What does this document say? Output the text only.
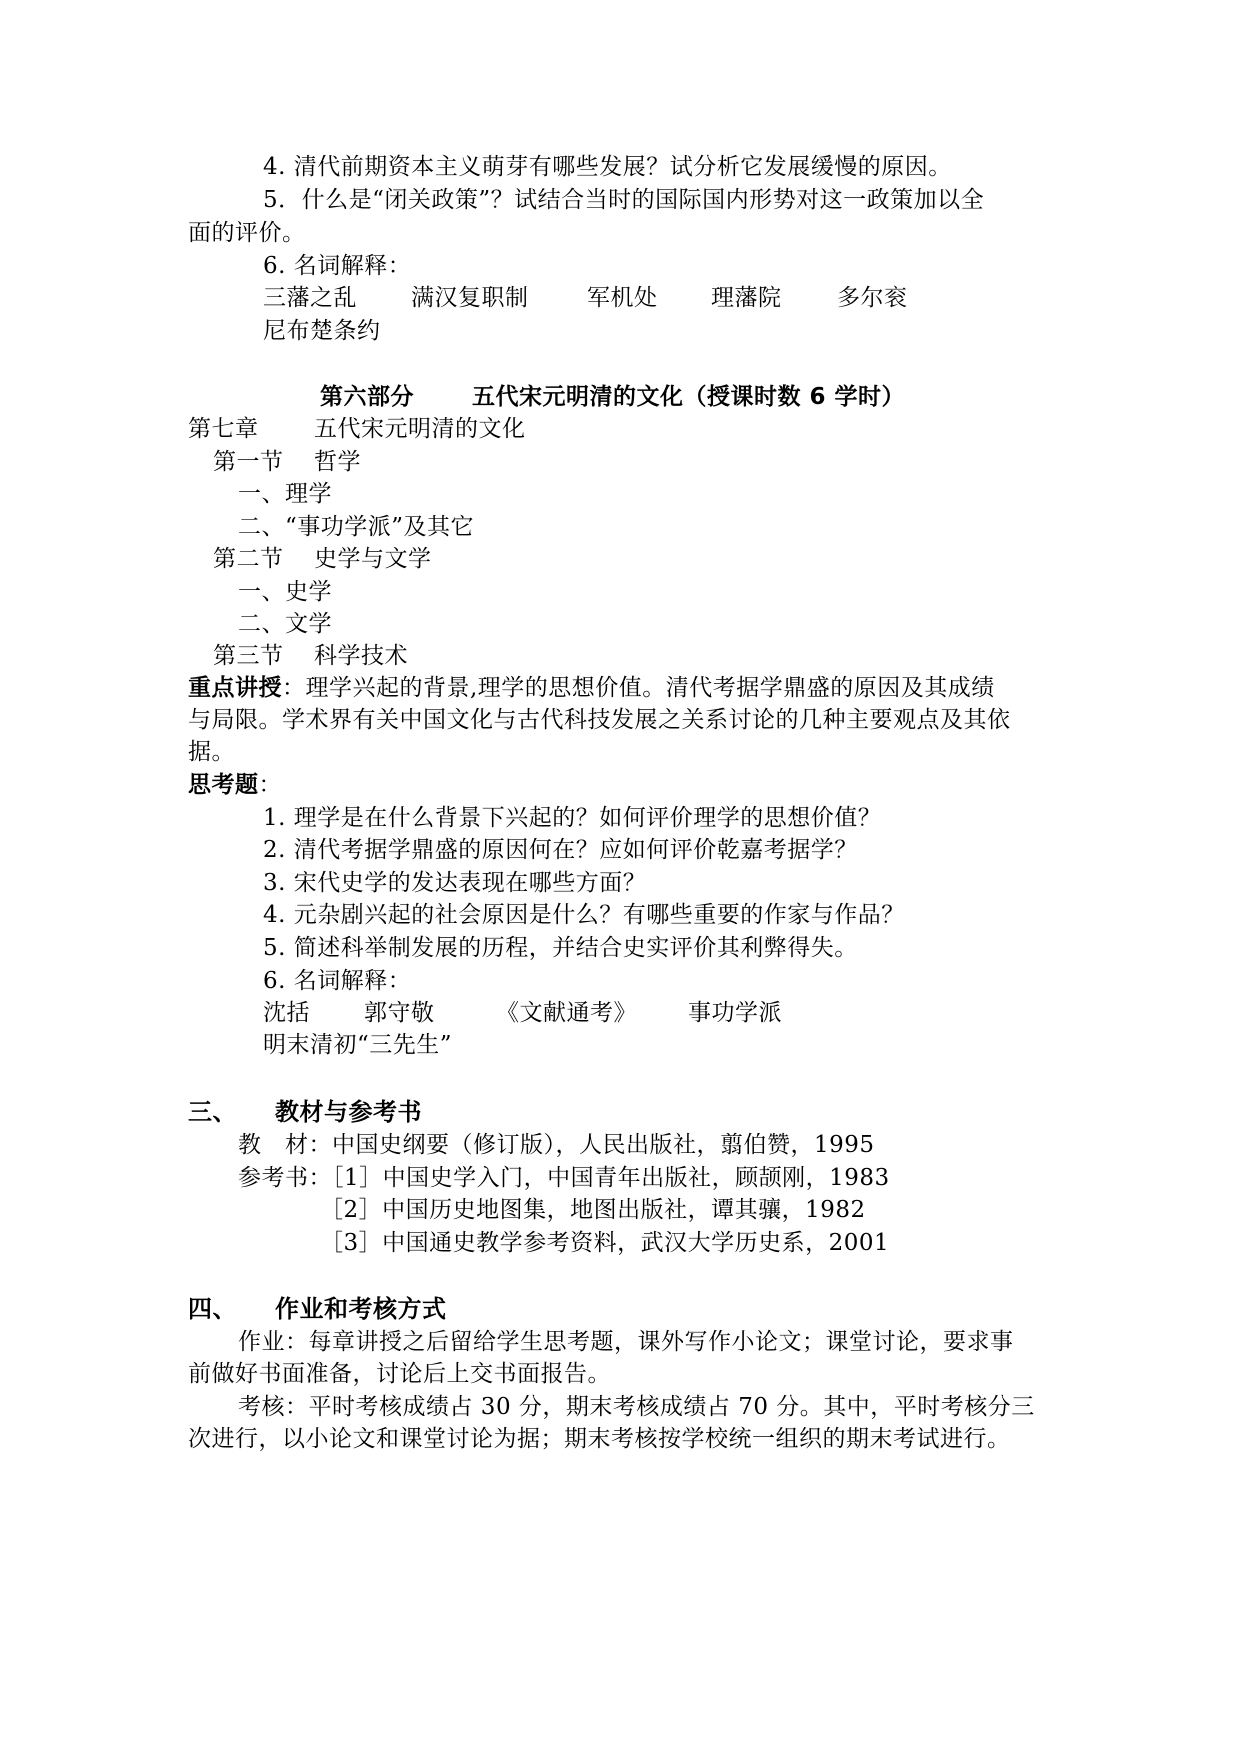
4. 清代前期资本主义萌芽有哪些发展？试分析它发展缓慢的原因。
5．什么是“闭关政策”？试结合当时的国际国内形势对这一政策加以全
面的评价。
6. 名词解释：
三藩之乱	满汉复职制	军机处	理藩院	多尔衮
尼布楚条约
第六部分	五代宋元明清的文化（授课时数 6 学时）
第七章 五代宋元明清的文化
第一节 哲学
一、理学
二、“事功学派”及其它
第二节 史学与文学
一、史学
二、文学
第三节 科学技术
重点讲授：理学兴起的背景,理学的思想价值。清代考据学鼎盛的原因及其成绩
与局限。学术界有关中国文化与古代科技发展之关系讨论的几种主要观点及其依
据。
思考题：
1. 理学是在什么背景下兴起的？如何评价理学的思想价值？
2. 清代考据学鼎盛的原因何在？应如何评价乾嘉考据学？
3. 宋代史学的发达表现在哪些方面？
4. 元杂剧兴起的社会原因是什么？有哪些重要的作家与作品？
5. 简述科举制发展的历程，并结合史实评价其利弊得失。
6. 名词解释：
沈括	郭守敬	《文献通考》	事功学派
明末清初“三先生”
三、 教材与参考书
教　材：中国史纲要（修订版），人民出版社，翦伯赞，1995
参考书：［1］中国史学入门，中国青年出版社，顾颉刚，1983
［2］中国历史地图集，地图出版社，谭其骧，1982
［3］中国通史教学参考资料，武汉大学历史系，2001
四、 作业和考核方式
作业：每章讲授之后留给学生思考题，课外写作小论文；课堂讨论，要求事
前做好书面准备，讨论后上交书面报告。
考核：平时考核成绩占 30 分，期末考核成绩占 70 分。其中，平时考核分三
次进行，以小论文和课堂讨论为据；期末考核按学校统一组织的期末考试进行。
